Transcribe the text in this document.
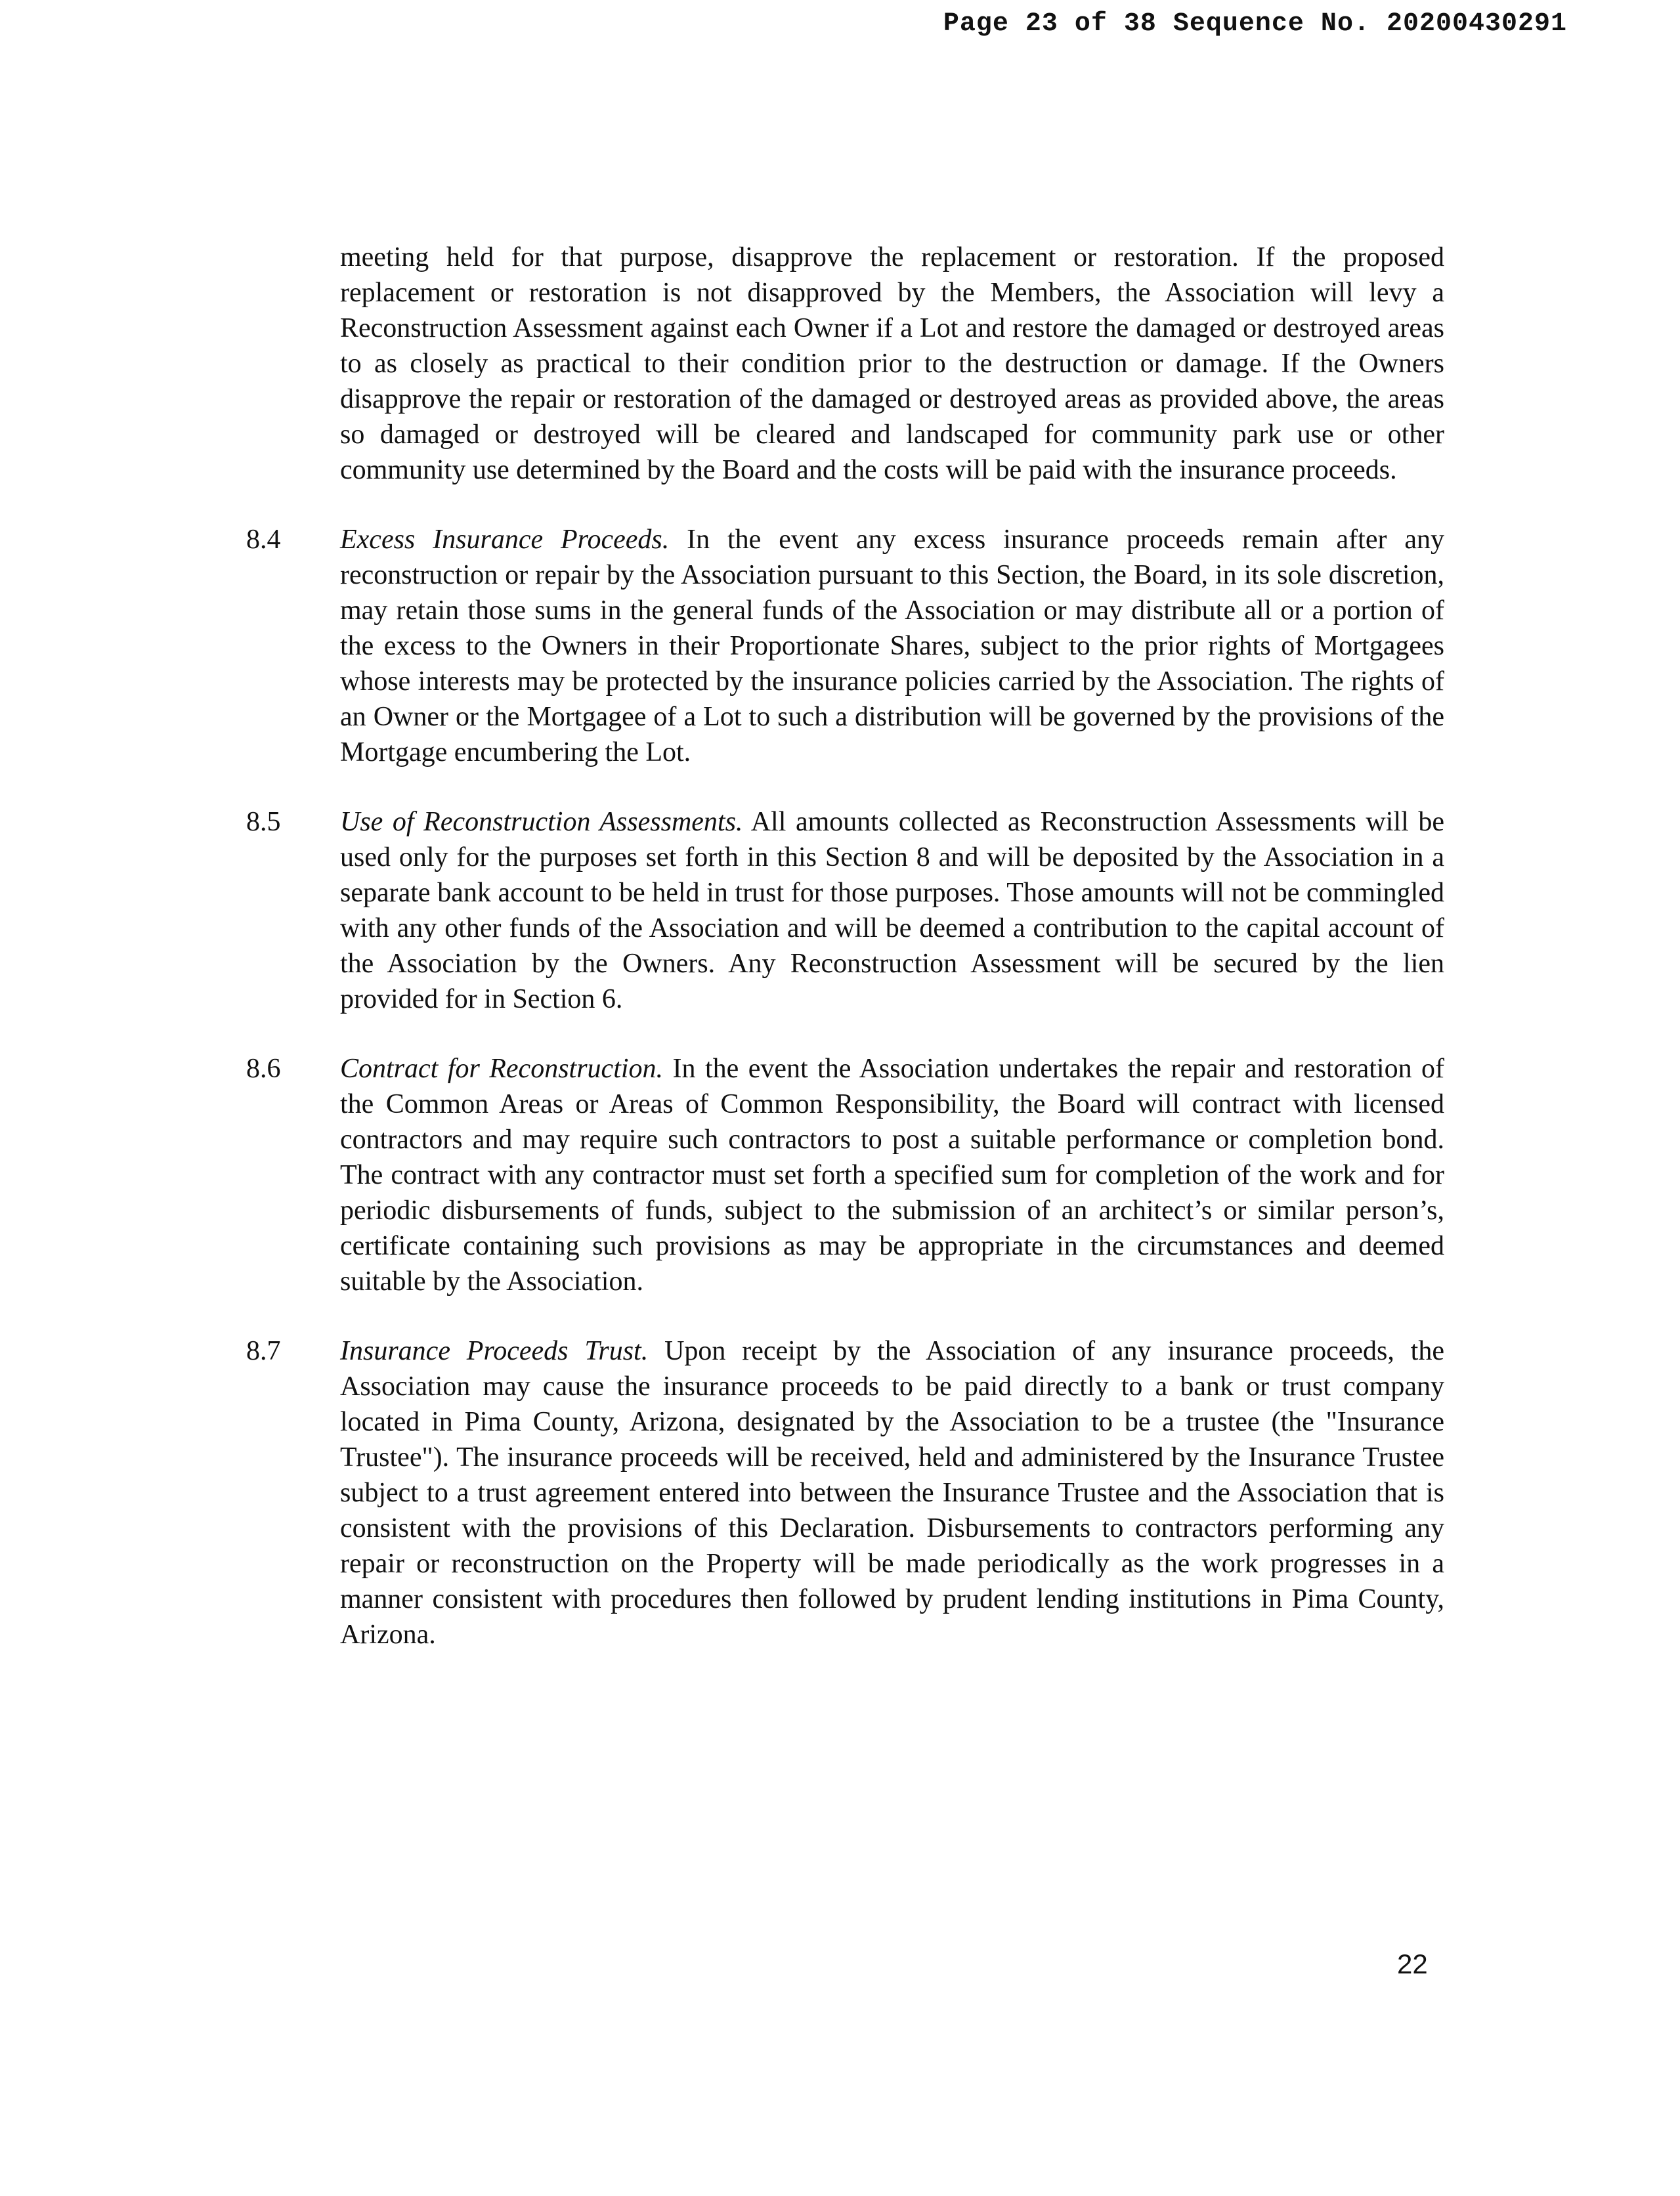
Page 23 of 38 Sequence No. 20200430291

meeting held for that purpose, disapprove the replacement or restoration. If the proposed replacement or restoration is not disapproved by the Members, the Association will levy a Reconstruction Assessment against each Owner if a Lot and restore the damaged or destroyed areas to as closely as practical to their condition prior to the destruction or damage. If the Owners disapprove the repair or restoration of the damaged or destroyed areas as provided above, the areas so damaged or destroyed will be cleared and landscaped for community park use or other community use determined by the Board and the costs will be paid with the insurance proceeds.

8.4	Excess Insurance Proceeds. In the event any excess insurance proceeds remain after any reconstruction or repair by the Association pursuant to this Section, the Board, in its sole discretion, may retain those sums in the general funds of the Association or may distribute all or a portion of the excess to the Owners in their Proportionate Shares, subject to the prior rights of Mortgagees whose interests may be protected by the insurance policies carried by the Association. The rights of an Owner or the Mortgagee of a Lot to such a distribution will be governed by the provisions of the Mortgage encumbering the Lot.
8.5	Use of Reconstruction Assessments. All amounts collected as Reconstruction Assessments will be used only for the purposes set forth in this Section 8 and will be deposited by the Association in a separate bank account to be held in trust for those purposes. Those amounts will not be commingled with any other funds of the Association and will be deemed a contribution to the capital account of the Association by the Owners. Any Reconstruction Assessment will be secured by the lien provided for in Section 6.
8.6	Contract for Reconstruction. In the event the Association undertakes the repair and restoration of the Common Areas or Areas of Common Responsibility, the Board will contract with licensed contractors and may require such contractors to post a suitable performance or completion bond. The contract with any contractor must set forth a specified sum for completion of the work and for periodic disbursements of funds, subject to the submission of an architect’s or similar person’s, certificate containing such provisions as may be appropriate in the circumstances and deemed suitable by the Association.
8.7	Insurance Proceeds Trust. Upon receipt by the Association of any insurance proceeds, the Association may cause the insurance proceeds to be paid directly to a bank or trust company located in Pima County, Arizona, designated by the Association to be a trustee (the "Insurance Trustee"). The insurance proceeds will be received, held and administered by the Insurance Trustee subject to a trust agreement entered into between the Insurance Trustee and the Association that is consistent with the provisions of this Declaration. Disbursements to contractors performing any repair or reconstruction on the Property will be made periodically as the work progresses in a manner consistent with procedures then followed by prudent lending institutions in Pima County, Arizona.
22
